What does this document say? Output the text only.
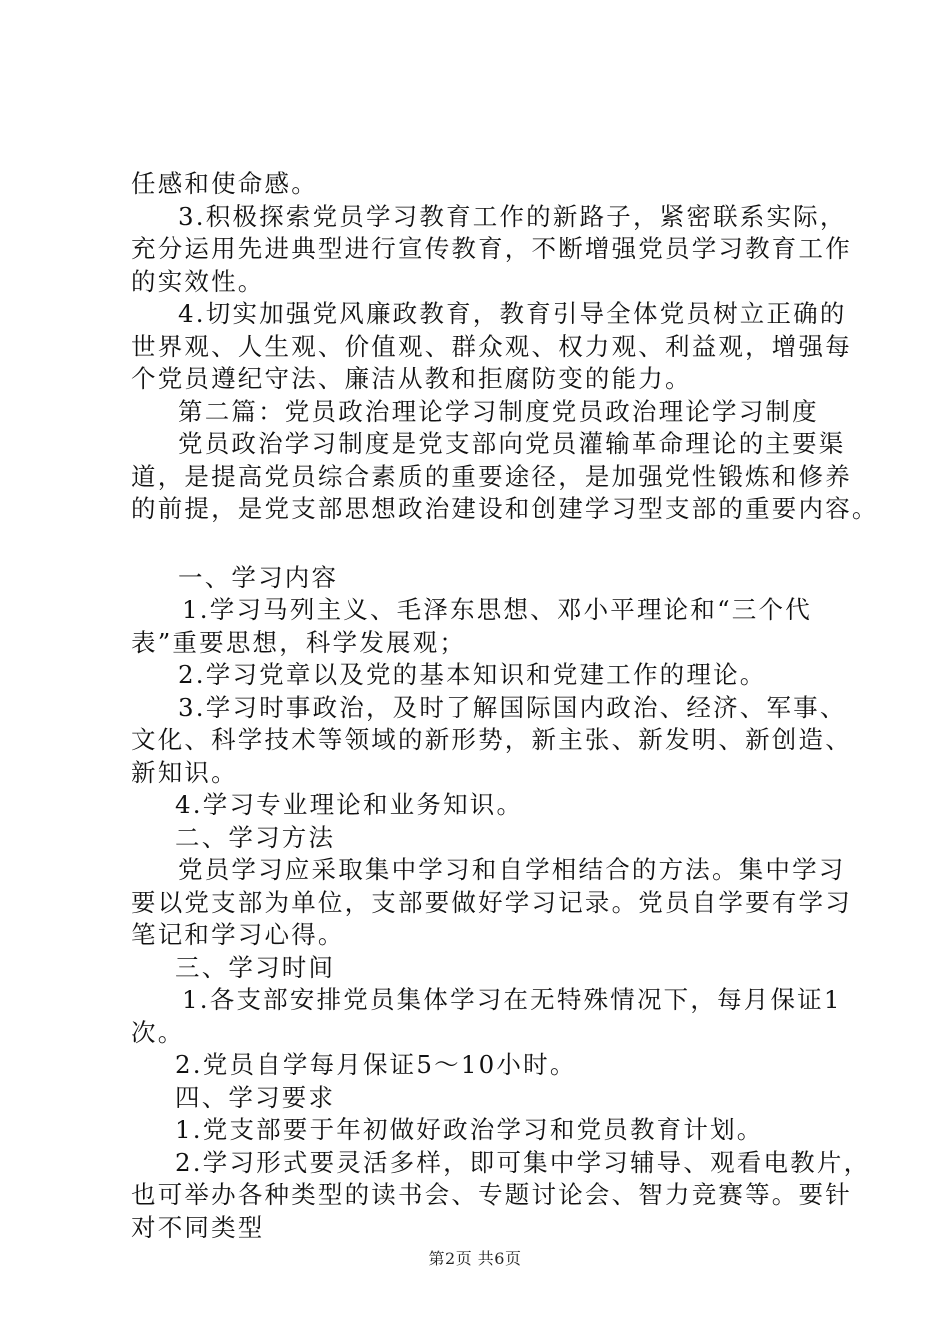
任感和使命感。
3.积极探索党员学习教育工作的新路子，紧密联系实际，
充分运用先进典型进行宣传教育，不断增强党员学习教育工作
的实效性。
4.切实加强党风廉政教育，教育引导全体党员树立正确的
世界观、人生观、价值观、群众观、权力观、利益观，增强每
个党员遵纪守法、廉洁从教和拒腐防变的能力。
第二篇：党员政治理论学习制度党员政治理论学习制度
党员政治学习制度是党支部向党员灌输革命理论的主要渠
道，是提高党员综合素质的重要途径，是加强党性锻炼和修养
的前提，是党支部思想政治建设和创建学习型支部的重要内容。
一、学习内容
1.学习马列主义、毛泽东思想、邓小平理论和“三个代
表”重要思想，科学发展观；
2.学习党章以及党的基本知识和党建工作的理论。
3.学习时事政治，及时了解国际国内政治、经济、军事、
文化、科学技术等领域的新形势，新主张、新发明、新创造、
新知识。
4.学习专业理论和业务知识。
二、学习方法
党员学习应采取集中学习和自学相结合的方法。集中学习
要以党支部为单位，支部要做好学习记录。党员自学要有学习
笔记和学习心得。
三、学习时间
1.各支部安排党员集体学习在无特殊情况下，每月保证1
次。
2.党员自学每月保证5～10小时。
四、学习要求
1.党支部要于年初做好政治学习和党员教育计划。
2.学习形式要灵活多样，即可集中学习辅导、观看电教片，
也可举办各种类型的读书会、专题讨论会、智力竞赛等。要针
对不同类型
第2页 共6页
